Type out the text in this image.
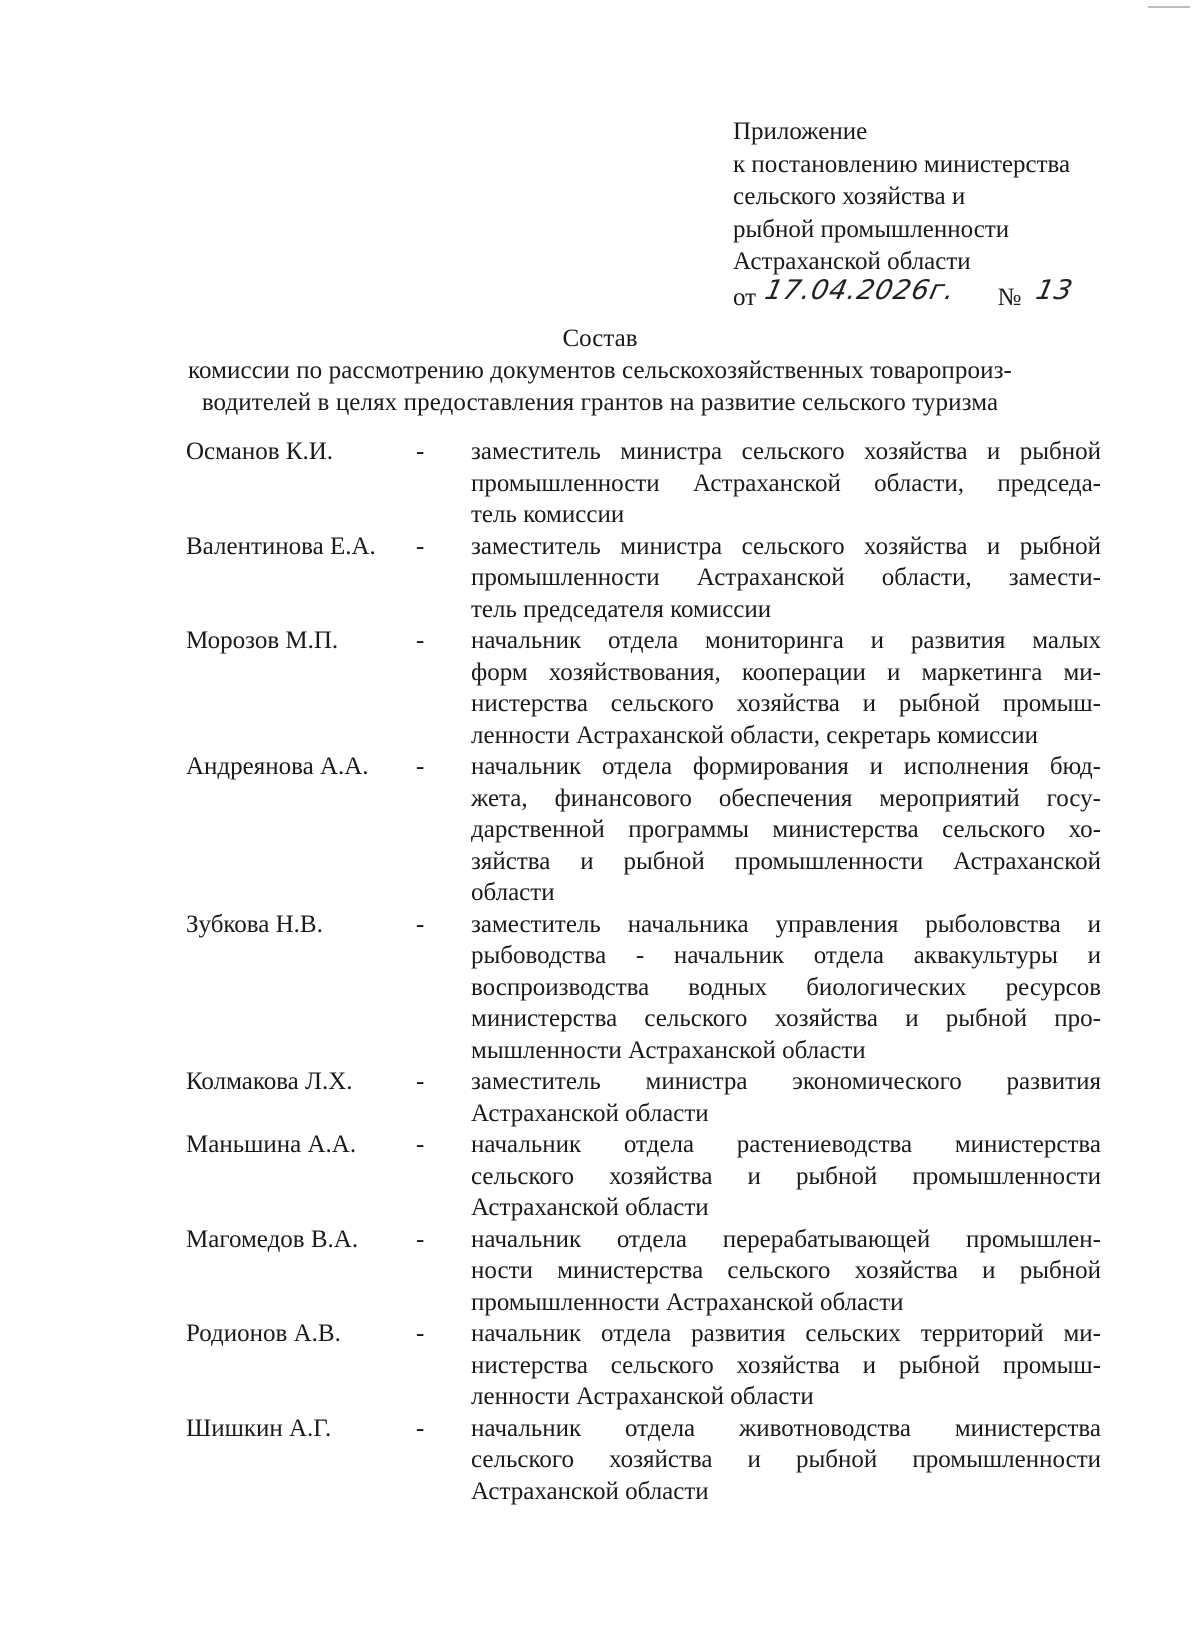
Приложение
к постановлению министерства
сельского хозяйства и
рыбной промышленности
Астраханской области
от 17.04.2026г. № 13
Состав
комиссии по рассмотрению документов сельскохозяйственных товаропроиз-
водителей в целях предоставления грантов на развитие сельского туризма
Османов К.И.	-	заместитель министра сельского хозяйства и рыбной
промышленности Астраханской области, председа-
тель комиссии
Валентинова Е.А.	-	заместитель министра сельского хозяйства и рыбной
промышленности Астраханской области, замести-
тель председателя комиссии
Морозов М.П.	-	начальник отдела мониторинга и развития малых
форм хозяйствования, кооперации и маркетинга ми-
нистерства сельского хозяйства и рыбной промыш-
ленности Астраханской области, секретарь комиссии
Андреянова А.А.	-	начальник отдела формирования и исполнения бюд-
жета, финансового обеспечения мероприятий госу-
дарственной программы министерства сельского хо-
зяйства и рыбной промышленности Астраханской
области
Зубкова Н.В.	-	заместитель начальника управления рыболовства и
рыбоводства - начальник отдела аквакультуры и
воспроизводства водных биологических ресурсов
министерства сельского хозяйства и рыбной про-
мышленности Астраханской области
Колмакова Л.Х.	-	заместитель министра экономического развития
Астраханской области
Маньшина А.А.	-	начальник отдела растениеводства министерства
сельского хозяйства и рыбной промышленности
Астраханской области
Магомедов В.А.	-	начальник отдела перерабатывающей промышлен-
ности министерства сельского хозяйства и рыбной
промышленности Астраханской области
Родионов А.В.	-	начальник отдела развития сельских территорий ми-
нистерства сельского хозяйства и рыбной промыш-
ленности Астраханской области
Шишкин А.Г.	-	начальник отдела животноводства министерства
сельского хозяйства и рыбной промышленности
Астраханской области
